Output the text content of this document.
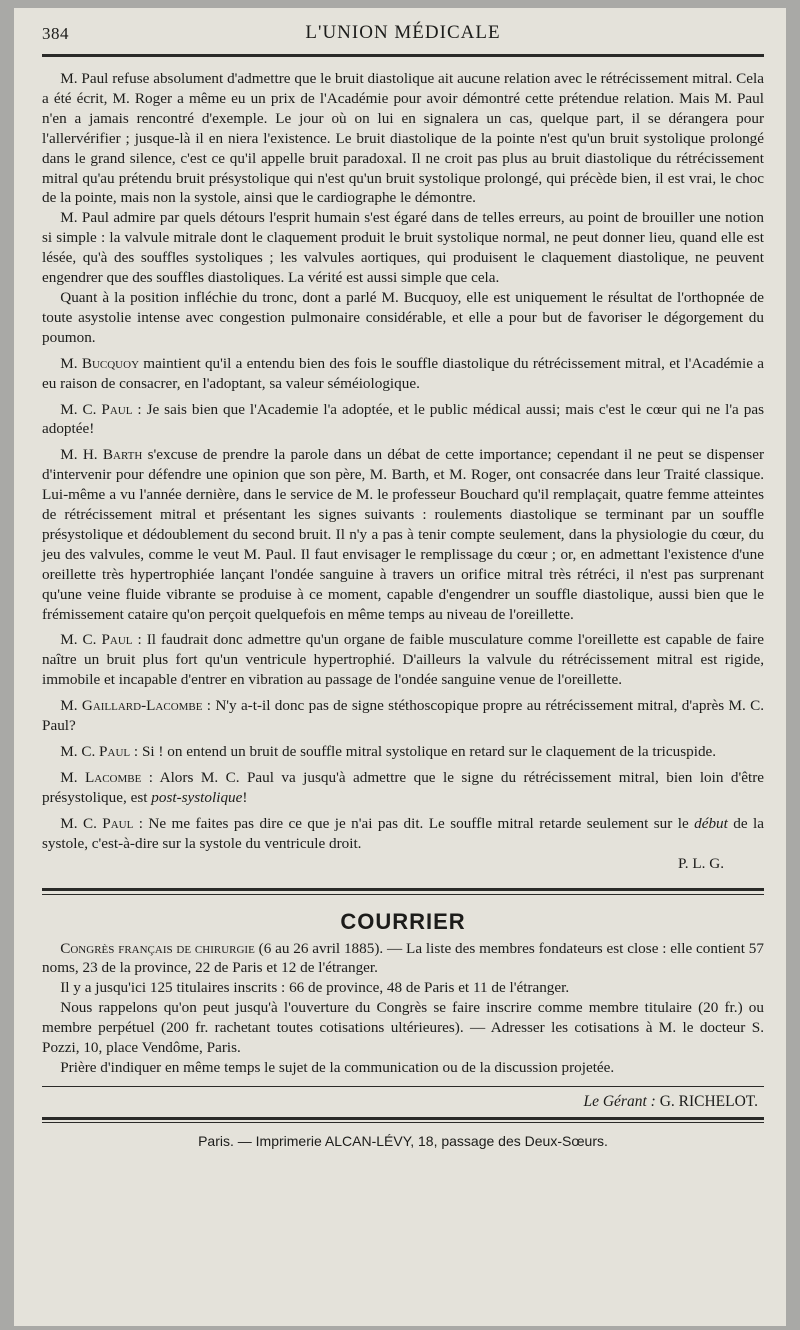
384	L'UNION MÉDICALE

M. Paul refuse absolument d'admettre que le bruit diastolique ait aucune relation avec le rétrécissement mitral. Cela a été écrit, M. Roger a même eu un prix de l'Académie pour avoir démontré cette prétendue relation. Mais M. Paul n'en a jamais rencontré d'exemple. Le jour où on lui en signalera un cas, quelque part, il se dérangera pour l'allervérifier ; jusque-là il en niera l'existence. Le bruit diastolique de la pointe n'est qu'un bruit systolique prolongé dans le grand silence, c'est ce qu'il appelle bruit paradoxal. Il ne croit pas plus au bruit diastolique du rétrécissement mitral qu'au prétendu bruit présystolique qui n'est qu'un bruit systolique prolongé, qui précède bien, il est vrai, le choc de la pointe, mais non la systole, ainsi que le cardiographe le démontre.

M. Paul admire par quels détours l'esprit humain s'est égaré dans de telles erreurs, au point de brouiller une notion si simple : la valvule mitrale dont le claquement produit le bruit systolique normal, ne peut donner lieu, quand elle est lésée, qu'à des souffles systoliques ; les valvules aortiques, qui produisent le claquement diastolique, ne peuvent engendrer que des souffles diastoliques. La vérité est aussi simple que cela.

Quant à la position infléchie du tronc, dont a parlé M. Bucquoy, elle est uniquement le résultat de l'orthopnée de toute asystolie intense avec congestion pulmonaire considérable, et elle a pour but de favoriser le dégorgement du poumon.

M. Bucquoy maintient qu'il a entendu bien des fois le souffle diastolique du rétrécissement mitral, et l'Académie a eu raison de consacrer, en l'adoptant, sa valeur séméiologique.

M. C. Paul : Je sais bien que l'Academie l'a adoptée, et le public médical aussi; mais c'est le cœur qui ne l'a pas adoptée!

M. H. Barth s'excuse de prendre la parole dans un débat de cette importance; cependant il ne peut se dispenser d'intervenir pour défendre une opinion que son père, M. Barth, et M. Roger, ont consacrée dans leur Traité classique. Lui-même a vu l'année dernière, dans le service de M. le professeur Bouchard qu'il remplaçait, quatre femme atteintes de rétrécissement mitral et présentant les signes suivants : roulements diastolique se terminant par un souffle présystolique et dédoublement du second bruit. Il n'y a pas à tenir compte seulement, dans la physiologie du cœur, du jeu des valvules, comme le veut M. Paul. Il faut envisager le remplissage du cœur ; or, en admettant l'existence d'une oreillette très hypertrophiée lançant l'ondée sanguine à travers un orifice mitral très rétréci, il n'est pas surprenant qu'une veine fluide vibrante se produise à ce moment, capable d'engendrer un souffle diastolique, aussi bien que le frémissement cataire qu'on perçoit quelquefois en même temps au niveau de l'oreillette.

M. C. Paul : Il faudrait donc admettre qu'un organe de faible musculature comme l'oreillette est capable de faire naître un bruit plus fort qu'un ventricule hypertrophié. D'ailleurs la valvule du rétrécissement mitral est rigide, immobile et incapable d'entrer en vibration au passage de l'ondée sanguine venue de l'oreillette.

M. Gaillard-Lacombe : N'y a-t-il donc pas de signe stéthoscopique propre au rétrécissement mitral, d'après M. C. Paul?

M. C. Paul : Si ! on entend un bruit de souffle mitral systolique en retard sur le claquement de la tricuspide.

M. Lacombe : Alors M. C. Paul va jusqu'à admettre que le signe du rétrécissement mitral, bien loin d'être présystolique, est post-systolique!

M. C. Paul : Ne me faites pas dire ce que je n'ai pas dit. Le souffle mitral retarde seulement sur le début de la systole, c'est-à-dire sur la systole du ventricule droit.

P. L. G.
COURRIER

Congrès français de chirurgie (6 au 26 avril 1885). — La liste des membres fondateurs est close : elle contient 57 noms, 23 de la province, 22 de Paris et 12 de l'étranger.

Il y a jusqu'ici 125 titulaires inscrits : 66 de province, 48 de Paris et 11 de l'étranger.

Nous rappelons qu'on peut jusqu'à l'ouverture du Congrès se faire inscrire comme membre titulaire (20 fr.) ou membre perpétuel (200 fr. rachetant toutes cotisations ultérieures). — Adresser les cotisations à M. le docteur S. Pozzi, 10, place Vendôme, Paris.

Prière d'indiquer en même temps le sujet de la communication ou de la discussion projetée.

Le Gérant : G. RICHELOT.
Paris. — Imprimerie ALCAN-LÉVY, 18, passage des Deux-Sœurs.
